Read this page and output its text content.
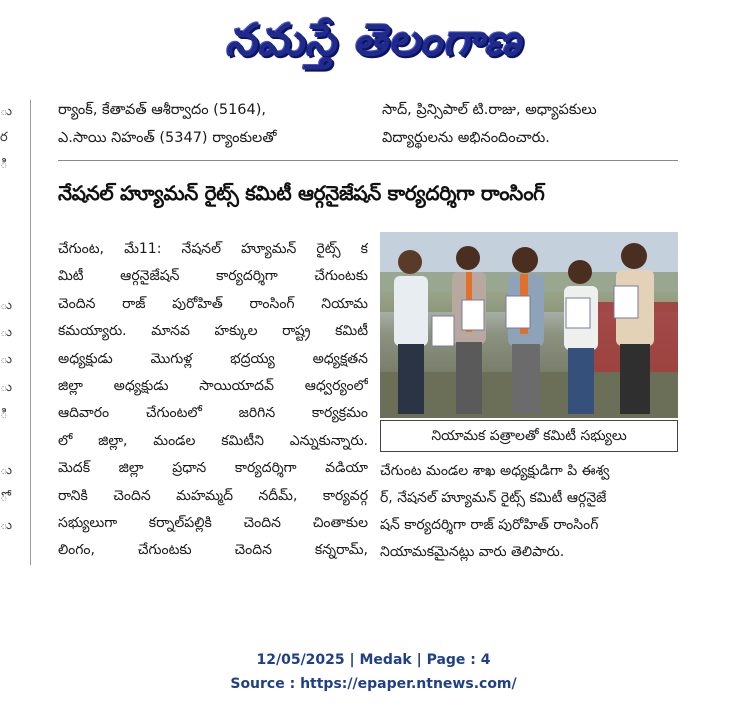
నమస్తే తెలంగాణ
ు
ర
ి
ు
ు
ు
ు
ి
ు
ో
ు
ర్యాంక్, కేతావత్ ఆశీర్వాదం (5164),
ఎ.సాయి నిహంత్ (5347) ర్యాంకులతో
సాద్, ప్రిన్సిపాల్ టి.రాజు, అధ్యాపకులు
విద్యార్థులను అభినందించారు.
నేషనల్ హ్యూమన్ రైట్స్ కమిటీ ఆర్గనైజేషన్ కార్యదర్శిగా రాంసింగ్
చేగుంట, మే11: నేషనల్ హ్యూమన్ రైట్స్ క
మిటీ ఆర్గనైజేషన్ కార్యదర్శిగా చేగుంటకు
చెందిన రాజ్ పురోహిత్ రాంసింగ్ నియామ
కమయ్యారు. మానవ హక్కుల రాష్ట్ర కమిటీ
అధ్యక్షుడు మొగుళ్ల భద్రయ్య అధ్యక్షతన
జిల్లా అధ్యక్షుడు సాయియాదవ్ ఆధ్వర్యంలో
ఆదివారం చేగుంటలో జరిగిన కార్యక్రమం
లో జిల్లా, మండల కమిటీని ఎన్నుకున్నారు.
మెదక్ జిల్లా ప్రధాన కార్యదర్శిగా వడియా
రానికి చెందిన మహమ్మద్ నదీమ్, కార్యవర్గ
సభ్యులుగా కర్నాల్‌పల్లికి చెందిన చింతాకుల
లింగం, చేగుంటకు చెందిన కన్నరామ్,
నియామక పత్రాలతో కమిటీ సభ్యులు
చేగుంట మండల శాఖ అధ్యక్షుడిగా పి ఈశ్వ
ర్, నేషనల్ హ్యూమన్ రైట్స్ కమిటీ ఆర్గనైజే
షన్ కార్యదర్శిగా రాజ్ పురోహిత్ రాంసింగ్
నియామకమైనట్లు వారు తెలిపారు.
12/05/2025 | Medak | Page : 4
Source : https://epaper.ntnews.com/
